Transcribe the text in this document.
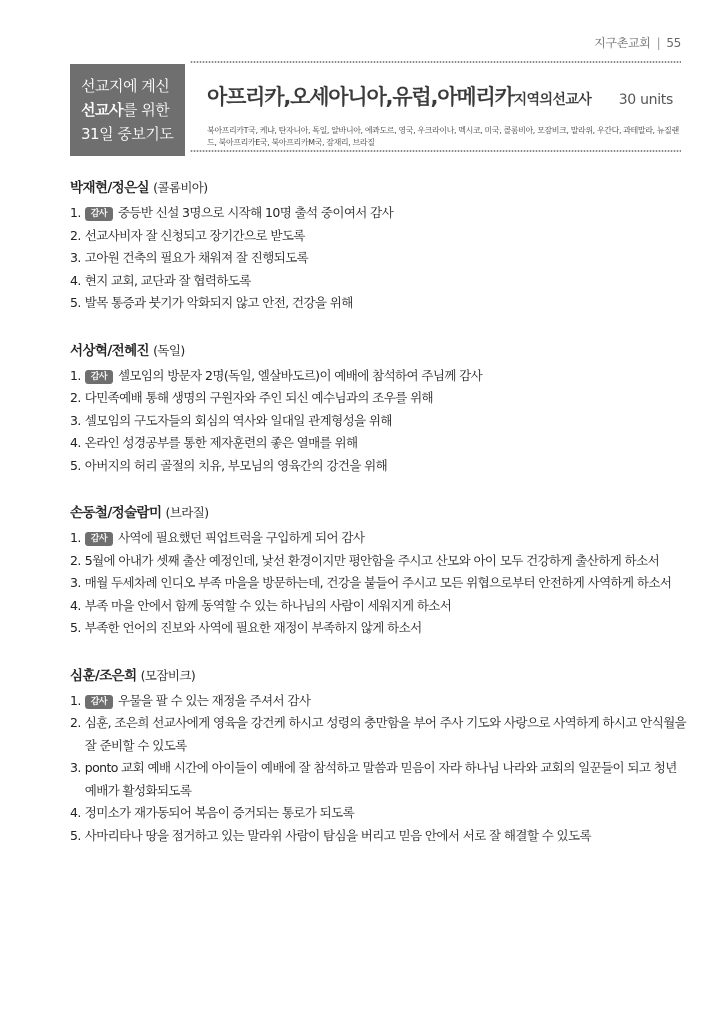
지구촌교회 | 55
선교지에 계신
선교사를 위한
31일 중보기도
아프리카,오세아니아,유럽,아메리카지역의선교사 30 units
북아프리카T국, 케냐, 탄자니아, 독일, 알바니아, 에콰도르, 영국, 우크라이나, 멕시코, 미국, 콜롬비아, 모잠비크, 말라위, 우간다, 과테말라, 뉴질랜드, 북아프리카E국, 북아프리카M국, 잠재리, 브라질
박재현/정은실 (콜롬비아)
1.	감사 중등반 신설 3명으로 시작해 10명 출석 중이여서 감사
2. 선교사비자 잘 신청되고 장기간으로 받도록
3. 고아원 건축의 필요가 채워져 잘 진행되도록
4. 현지 교회, 교단과 잘 협력하도록
5. 발목 통증과 붓기가 악화되지 않고 안전, 건강을 위해
서상혁/전혜진 (독일)
1.	감사 셀모임의 방문자 2명(독일, 엘살바도르)이 예배에 참석하여 주님께 감사
2. 다민족예배 통해 생명의 구원자와 주인 되신 예수님과의 조우를 위해
3. 셀모임의 구도자들의 회심의 역사와 일대일 관계형성을 위해
4. 온라인 성경공부를 통한 제자훈련의 좋은 열매를 위해
5. 아버지의 허리 골절의 치유, 부모님의 영육간의 강건을 위해
손동철/정술람미 (브라질)
1.	감사 사역에 필요했던 픽업트럭을 구입하게 되어 감사
2. 5월에 아내가 셋째 출산 예정인데, 낯선 환경이지만 평안함을 주시고 산모와 아이 모두 건강하게 출산하게 하소서
3. 매월 두세차례 인디오 부족 마을을 방문하는데, 건강을 붙들어 주시고 모든 위협으로부터 안전하게 사역하게 하소서
4. 부족 마을 안에서 함께 동역할 수 있는 하나님의 사람이 세워지게 하소서
5. 부족한 언어의 진보와 사역에 필요한 재정이 부족하지 않게 하소서
심훈/조은희 (모잠비크)
1.	감사 우물을 팔 수 있는 재정을 주셔서 감사
2. 심훈, 조은희 선교사에게 영육을 강건케 하시고 성령의 충만함을 부어 주사 기도와 사랑으로 사역하게 하시고 안식월을 잘 준비할 수 있도록
3. ponto 교회 예배 시간에 아이들이 예배에 잘 참석하고 말씀과 믿음이 자라 하나님 나라와 교회의 일꾼들이 되고 청년 예배가 활성화되도록
4. 정미소가 재가동되어 복음이 증거되는 통로가 되도록
5. 사마리타나 땅을 점거하고 있는 말라위 사람이 탐심을 버리고 믿음 안에서 서로 잘 해결할 수 있도록
